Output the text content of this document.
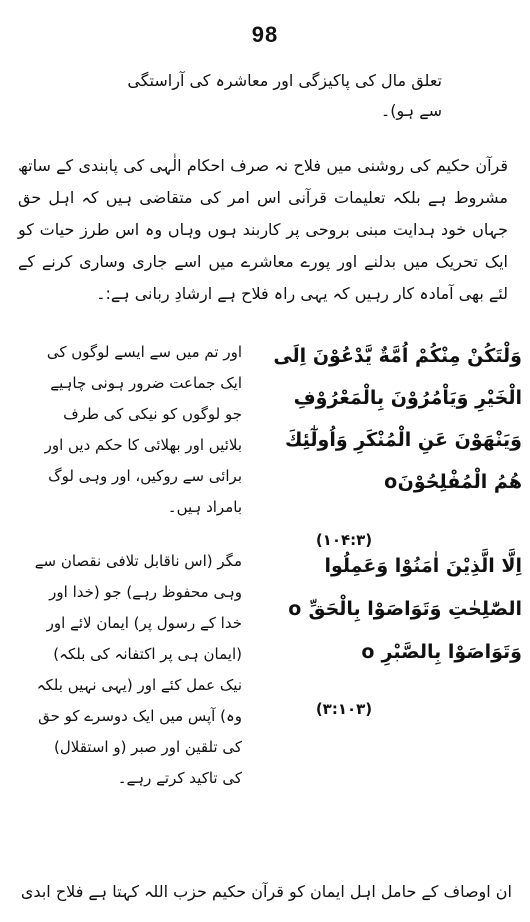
98
تعلق مال کی پاکیزگی اور معاشرہ کی آراستگی سے ہو)۔
قرآن حکیم کی روشنی میں فلاح نہ صرف احکام الٰہی کی پابندی کے ساتھ مشروط ہے بلکہ تعلیمات قرآنی اس امر کی متقاضی ہیں کہ اہل حق جہاں خود ہدایت مبنی بروحی پر کاربند ہوں وہاں وہ اس طرز حیات کو ایک تحریک میں بدلنے اور پورے معاشرے میں اسے جاری وساری کرنے کے لئے بھی آمادہ کار رہیں کہ یہی راہ فلاح ہے ارشادِ ربانی ہے:۔
وَلْتَكُنْ مِنْكُمْ اُمَّةٌ يَّدْعُوْنَ اِلَى الْخَيْرِ وَيَاْمُرُوْنَ بِالْمَعْرُوْفِ وَيَنْهَوْنَ عَنِ الْمُنْكَرِ وَاُولٰٓئِكَ هُمُ الْمُفْلِحُوْنَo
اور تم میں سے ایسے لوگوں کی ایک جماعت ضرور ہونی چاہیے جو لوگوں کو نیکی کی طرف بلائیں اور بھلائی کا حکم دیں اور برائی سے روکیں، اور وہی لوگ بامراد ہیں۔
(۱۰۴:۳)
اِلَّا الَّذِيْنَ اٰمَنُوْا وَعَمِلُوا الصّٰلِحٰتِ وَتَوَاصَوْا بِالْحَقِّ o وَتَوَاصَوْا بِالصَّبْرِ o
مگر (اس ناقابل تلافی نقصان سے وہی محفوظ رہے) جو (خدا اور خدا کے رسول پر) ایمان لائے اور (ایمان ہی پر اکتفانہ کی بلکہ) نیک عمل کئے اور (یہی نہیں بلکہ وہ) آپس میں ایک دوسرے کو حق کی تلقین اور صبر (و استقلال) کی تاکید کرتے رہے۔
(۳:۱۰۳)
ان اوصاف کے حامل اہل ایمان کو قرآن حکیم حزب اللہ کہتا ہے فلاح ابدی
